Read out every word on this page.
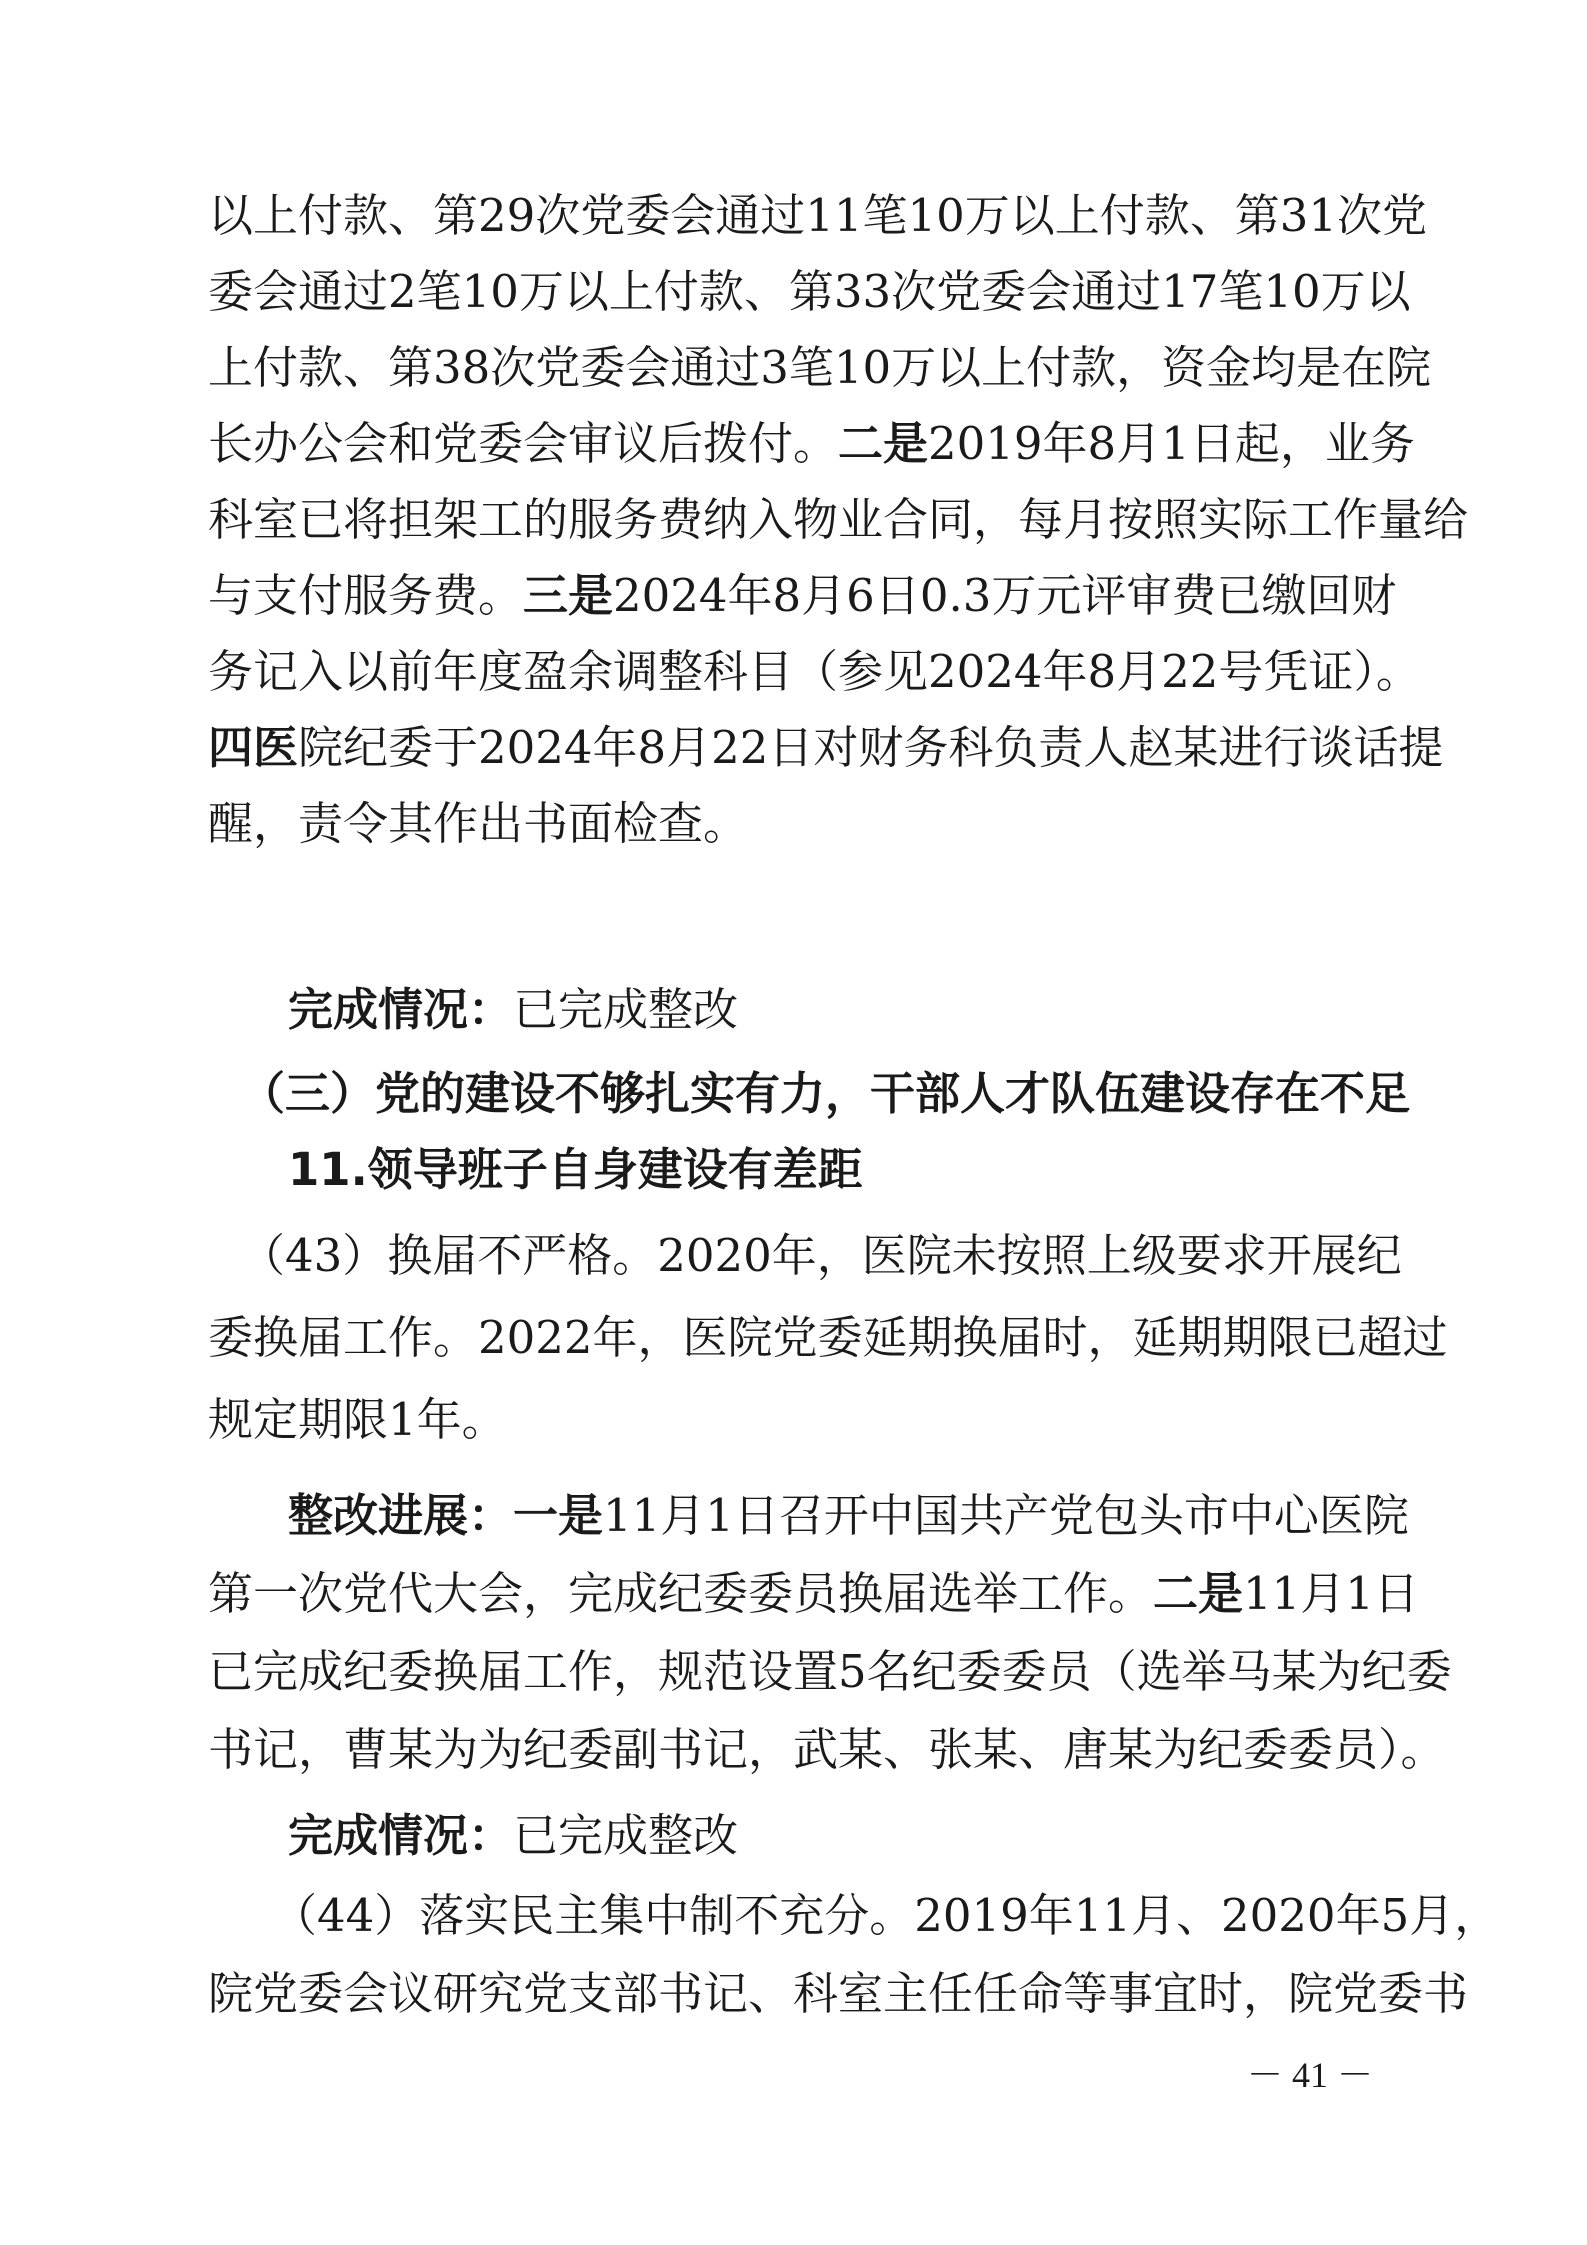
以上付款、第29次党委会通过11笔10万以上付款、第31次党
委会通过2笔10万以上付款、第33次党委会通过17笔10万以
上付款、第38次党委会通过3笔10万以上付款，资金均是在院
长办公会和党委会审议后拨付。二是2019年8月1日起，业务
科室已将担架工的服务费纳入物业合同，每月按照实际工作量给
与支付服务费。三是2024年8月6日0.3万元评审费已缴回财
务记入以前年度盈余调整科目（参见2024年8月22号凭证）。
四医院纪委于2024年8月22日对财务科负责人赵某进行谈话提
醒，责令其作出书面检查。
完成情况：已完成整改
（三）党的建设不够扎实有力，干部人才队伍建设存在不足
11.领导班子自身建设有差距
（43）换届不严格。2020年，医院未按照上级要求开展纪
委换届工作。2022年，医院党委延期换届时，延期期限已超过
规定期限1年。
整改进展：一是11月1日召开中国共产党包头市中心医院
第一次党代大会，完成纪委委员换届选举工作。二是11月1日
已完成纪委换届工作，规范设置5名纪委委员（选举马某为纪委
书记，曹某为为纪委副书记，武某、张某、唐某为纪委委员）。
完成情况：已完成整改
（44）落实民主集中制不充分。2019年11月、2020年5月，
院党委会议研究党支部书记、科室主任任命等事宜时，院党委书
－ 41 －
